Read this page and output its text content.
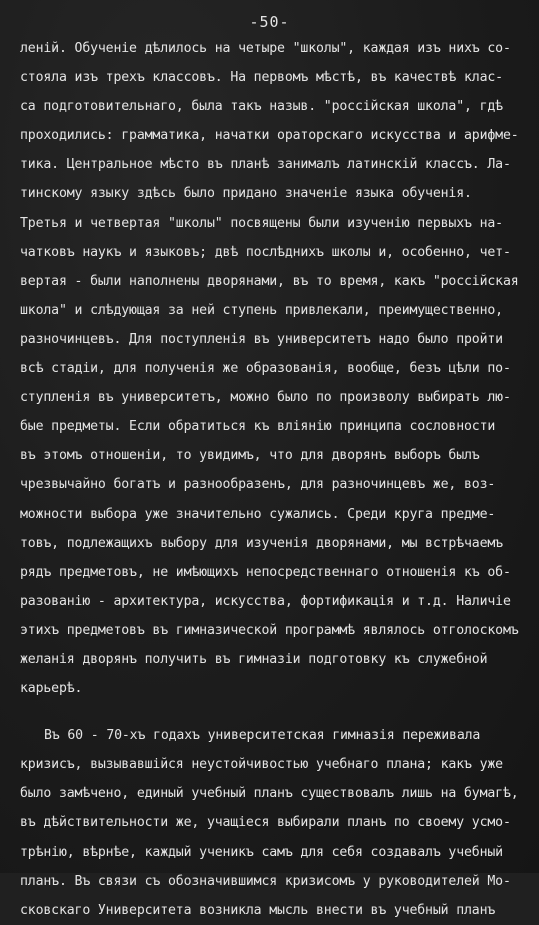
-50-
леній. Обученіе дѣлилось на четыре "школы", каждая изъ нихъ со-
стояла изъ трехъ классовъ. На первомъ мѣстѣ, въ качествѣ клас-
са подготовительнаго, была такъ назыв. "россійская школа", гдѣ
проходились: грамматика, начатки ораторскаго искусства и арифме-
тика. Центральное мѣсто въ планѣ занималъ латинскій классъ. Ла-
тинскому языку здѣсь было придано значеніе языка обученія.
Третья и четвертая "школы" посвящены были изученію первыхъ на-
чатковъ наукъ и языковъ; двѣ послѣднихъ школы и, особенно, чет-
вертая - были наполнены дворянами, въ то время, какъ "россійская
школа" и слѣдующая за ней ступень привлекали, преимущественно,
разночинцевъ. Для поступленія въ университетъ надо было пройти
всѣ стадіи, для полученія же образованія, вообще, безъ цѣли по-
ступленія въ университетъ, можно было по произволу выбирать лю-
бые предметы. Если обратиться къ вліянію принципа сословности
въ этомъ отношеніи, то увидимъ, что для дворянъ выборъ былъ
чрезвычайно богатъ и разнообразенъ, для разночинцевъ же, воз-
можности выбора уже значительно сужались. Среди круга предме-
товъ, подлежащихъ выбору для изученія дворянами, мы встрѣчаемъ
рядъ предметовъ, не имѣющихъ непосредственнаго отношенія къ об-
разованію - архитектура, искусства, фортификація и т.д. Наличіе
этихъ предметовъ въ гимназической программѣ являлось отголоскомъ
желанія дворянъ получить въ гимназіи подготовку къ служебной
карьерѣ.
Въ 60 - 70-хъ годахъ университетская гимназія переживала
кризисъ, вызывавшійся неустойчивостью учебнаго плана; какъ уже
было замѣчено, единый учебный планъ существовалъ лишь на бумагѣ,
въ дѣйствительности же, учащіеся выбирали планъ по своему усмо-
трѣнію, вѣрнѣе, каждый ученикъ самъ для себя создавалъ учебный
планъ. Въ связи съ обозначившимся кризисомъ у руководителей Мо-
сковскаго Университета возникла мысль внести въ учебный планъ
